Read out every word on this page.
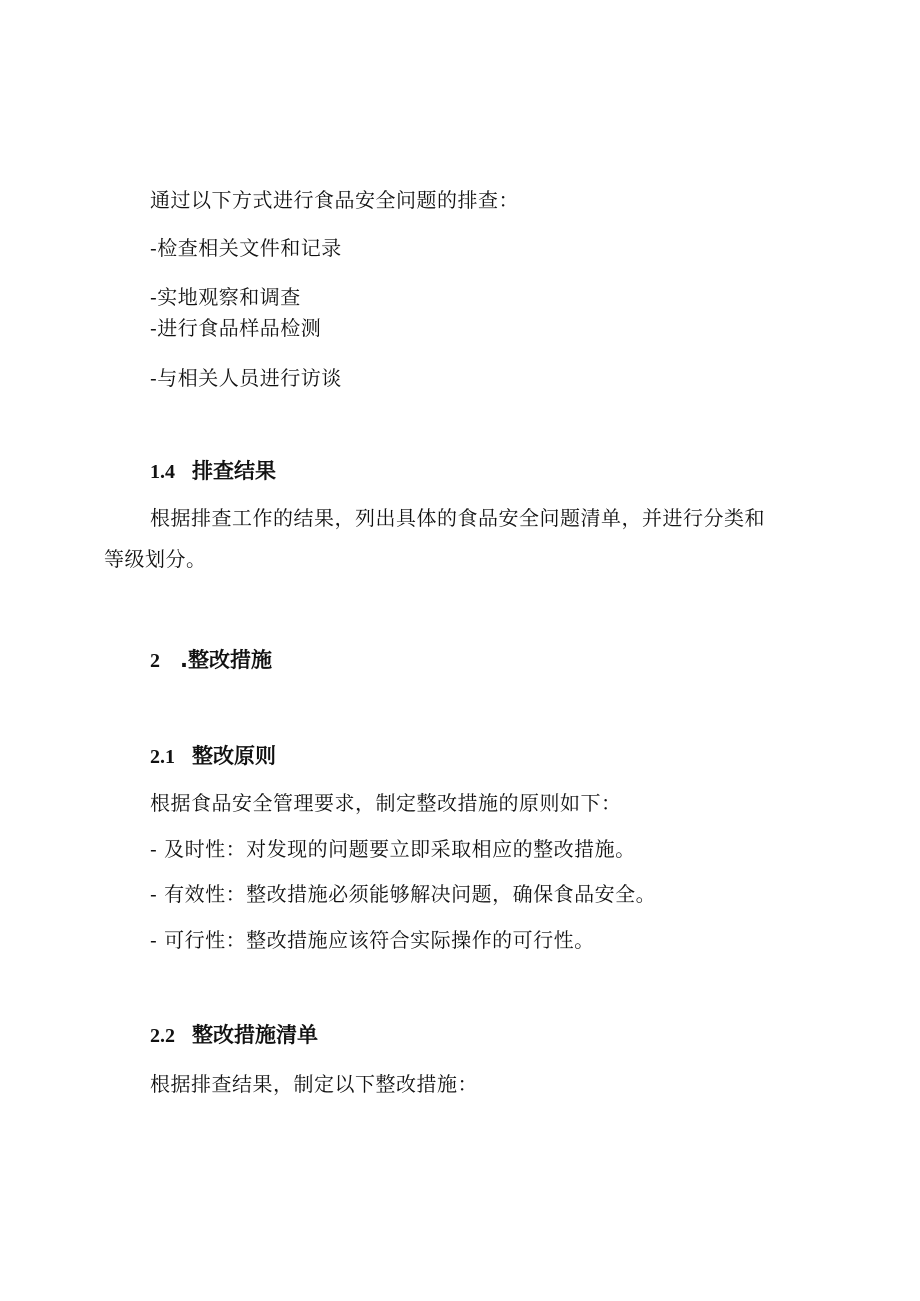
通过以下方式进行食品安全问题的排查：
-检查相关文件和记录
-实地观察和调查
-进行食品样品检测
-与相关人员进行访谈
1.4 排查结果
根据排查工作的结果，列出具体的食品安全问题清单，并进行分类和
等级划分。
2 .整改措施
2.1 整改原则
根据食品安全管理要求，制定整改措施的原则如下：
- 及时性：对发现的问题要立即采取相应的整改措施。
- 有效性：整改措施必须能够解决问题，确保食品安全。
- 可行性：整改措施应该符合实际操作的可行性。
2.2 整改措施清单
根据排查结果，制定以下整改措施：
